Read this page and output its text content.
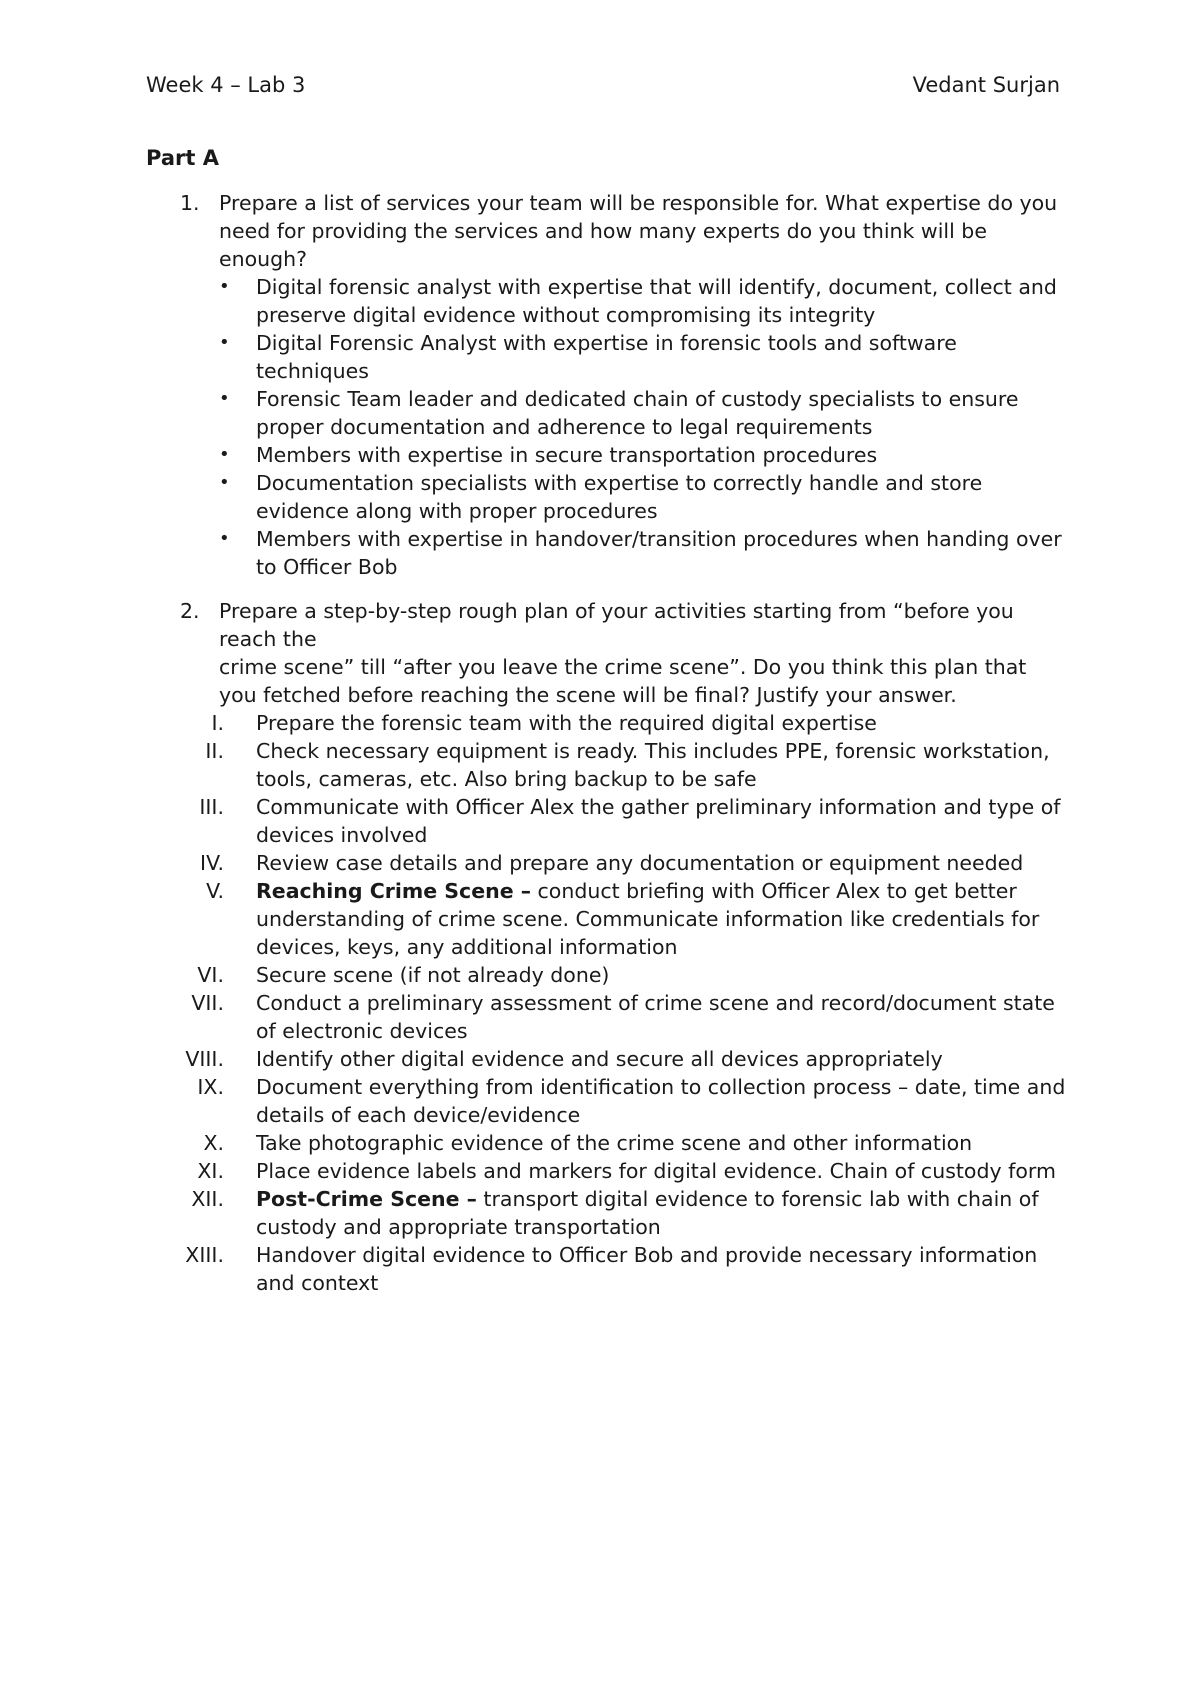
Week 4 – Lab 3	Vedant Surjan
Part A
1. Prepare a list of services your team will be responsible for. What expertise do you need for providing the services and how many experts do you think will be enough?

• Digital forensic analyst with expertise that will identify, document, collect and preserve digital evidence without compromising its integrity
• Digital Forensic Analyst with expertise in forensic tools and software techniques
• Forensic Team leader and dedicated chain of custody specialists to ensure proper documentation and adherence to legal requirements
• Members with expertise in secure transportation procedures
• Documentation specialists with expertise to correctly handle and store evidence along with proper procedures
• Members with expertise in handover/transition procedures when handing over to Officer Bob
2. Prepare a step-by-step rough plan of your activities starting from “before you reach the

crime scene” till “after you leave the crime scene”. Do you think this plan that you fetched before reaching the scene will be final? Justify your answer.

I. Prepare the forensic team with the required digital expertise
II. Check necessary equipment is ready. This includes PPE, forensic workstation, tools, cameras, etc. Also bring backup to be safe
III. Communicate with Officer Alex the gather preliminary information and type of devices involved
IV. Review case details and prepare any documentation or equipment needed
V. Reaching Crime Scene – conduct briefing with Officer Alex to get better understanding of crime scene. Communicate information like credentials for devices, keys, any additional information
VI. Secure scene (if not already done)
VII. Conduct a preliminary assessment of crime scene and record/document state of electronic devices
VIII. Identify other digital evidence and secure all devices appropriately
IX. Document everything from identification to collection process – date, time and details of each device/evidence
X. Take photographic evidence of the crime scene and other information
XI. Place evidence labels and markers for digital evidence. Chain of custody form
XII. Post-Crime Scene – transport digital evidence to forensic lab with chain of custody and appropriate transportation
XIII. Handover digital evidence to Officer Bob and provide necessary information and context
